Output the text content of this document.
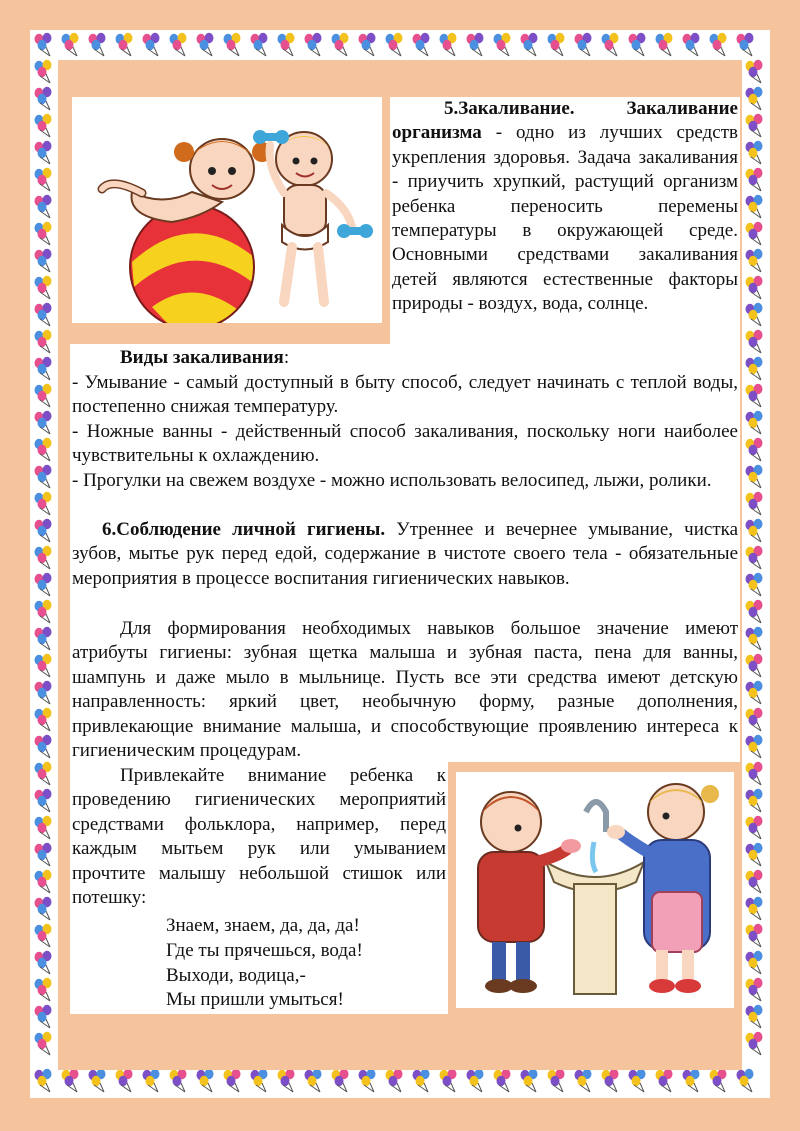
5.Закаливание.	Закаливание организма - одно из лучших средств укрепления здоровья. Задача закаливания - приучить хрупкий, растущий организм ребенка переносить перемены температуры в окружающей среде. Основными средствами закаливания детей являются естественные факторы природы - воздух, вода, солнце.
Виды закаливания:
- Умывание - самый доступный в быту способ, следует начинать с теплой воды, постепенно снижая температуру.
- Ножные ванны - действенный способ закаливания, поскольку ноги наиболее чувствительны к охлаждению.
- Прогулки на свежем воздухе - можно использовать велосипед, лыжи, ролики.
6.Соблюдение личной гигиены. Утреннее и вечернее умывание, чистка зубов, мытье рук перед едой, содержание в чистоте своего тела - обязательные мероприятия в процессе воспитания гигиенических навыков.
Для формирования необходимых навыков большое значение имеют атрибуты гигиены: зубная щетка малыша и зубная паста, пена для ванны, шампунь и даже мыло в мыльнице. Пусть все эти средства имеют детскую направленность: яркий цвет, необычную форму, разные дополнения, привлекающие внимание малыша, и способствующие проявлению интереса к гигиеническим процедурам.
Привлекайте внимание ребенка к проведению гигиенических мероприятий средствами фольклора, например, перед каждым мытьем рук или умыванием прочтите малышу небольшой стишок или потешку:
Знаем, знаем, да, да, да!
Где ты прячешься, вода!
Выходи, водица,-
Мы пришли умыться!
